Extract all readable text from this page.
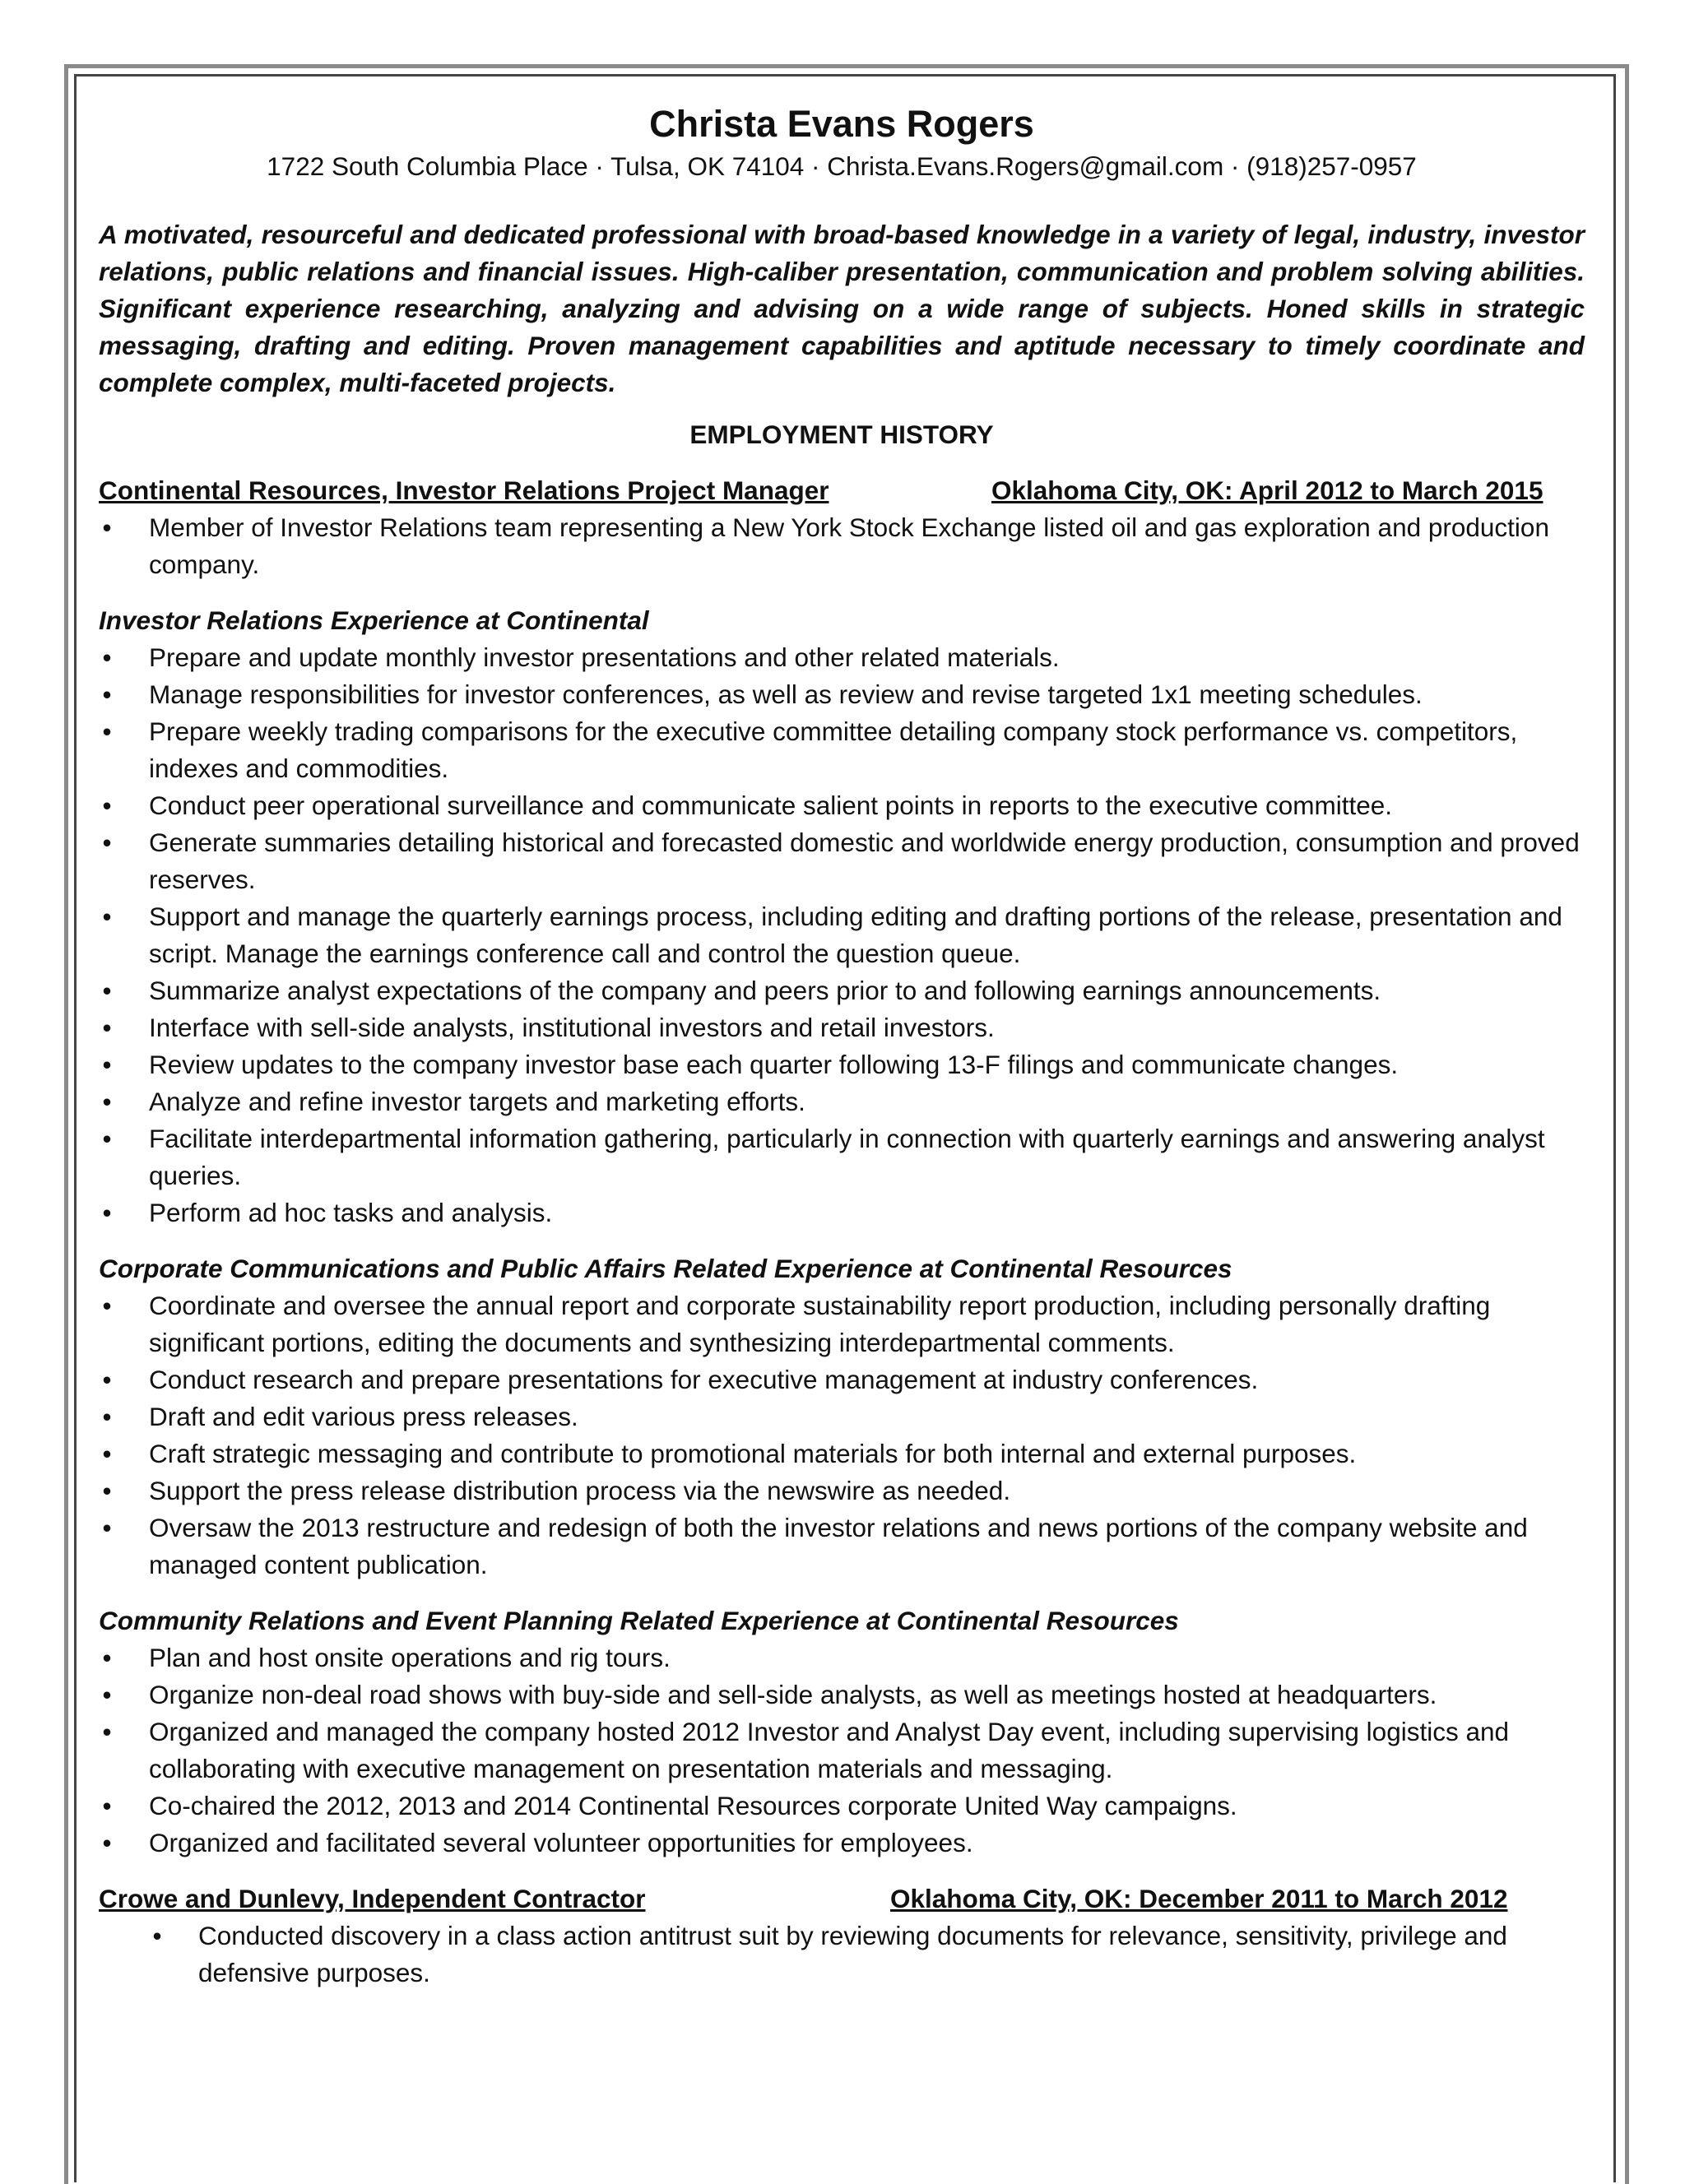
Christa Evans Rogers

1722 South Columbia Place · Tulsa, OK 74104 · Christa.Evans.Rogers@gmail.com · (918)257-0957

A motivated, resourceful and dedicated professional with broad-based knowledge in a variety of legal, industry, investor relations, public relations and financial issues. High-caliber presentation, communication and problem solving abilities. Significant experience researching, analyzing and advising on a wide range of subjects. Honed skills in strategic messaging, drafting and editing. Proven management capabilities and aptitude necessary to timely coordinate and complete complex, multi-faceted projects.

EMPLOYMENT HISTORY

Continental Resources, Investor Relations Project Manager	Oklahoma City, OK: April 2012 to March 2015
• Member of Investor Relations team representing a New York Stock Exchange listed oil and gas exploration and production company.

Investor Relations Experience at Continental

• Prepare and update monthly investor presentations and other related materials.
• Manage responsibilities for investor conferences, as well as review and revise targeted 1x1 meeting schedules.
• Prepare weekly trading comparisons for the executive committee detailing company stock performance vs. competitors, indexes and commodities.
• Conduct peer operational surveillance and communicate salient points in reports to the executive committee.
• Generate summaries detailing historical and forecasted domestic and worldwide energy production, consumption and proved reserves.
• Support and manage the quarterly earnings process, including editing and drafting portions of the release, presentation and script. Manage the earnings conference call and control the question queue.
• Summarize analyst expectations of the company and peers prior to and following earnings announcements.
• Interface with sell-side analysts, institutional investors and retail investors.
• Review updates to the company investor base each quarter following 13-F filings and communicate changes.
• Analyze and refine investor targets and marketing efforts.
• Facilitate interdepartmental information gathering, particularly in connection with quarterly earnings and answering analyst queries.
• Perform ad hoc tasks and analysis.

Corporate Communications and Public Affairs Related Experience at Continental Resources

• Coordinate and oversee the annual report and corporate sustainability report production, including personally drafting significant portions, editing the documents and synthesizing interdepartmental comments.
• Conduct research and prepare presentations for executive management at industry conferences.
• Draft and edit various press releases.
• Craft strategic messaging and contribute to promotional materials for both internal and external purposes.
• Support the press release distribution process via the newswire as needed.
• Oversaw the 2013 restructure and redesign of both the investor relations and news portions of the company website and managed content publication.

Community Relations and Event Planning Related Experience at Continental Resources

• Plan and host onsite operations and rig tours.
• Organize non-deal road shows with buy-side and sell-side analysts, as well as meetings hosted at headquarters.
• Organized and managed the company hosted 2012 Investor and Analyst Day event, including supervising logistics and collaborating with executive management on presentation materials and messaging.
• Co-chaired the 2012, 2013 and 2014 Continental Resources corporate United Way campaigns.
• Organized and facilitated several volunteer opportunities for employees.
Crowe and Dunlevy, Independent Contractor	Oklahoma City, OK: December 2011 to March 2012
• Conducted discovery in a class action antitrust suit by reviewing documents for relevance, sensitivity, privilege and defensive purposes.
